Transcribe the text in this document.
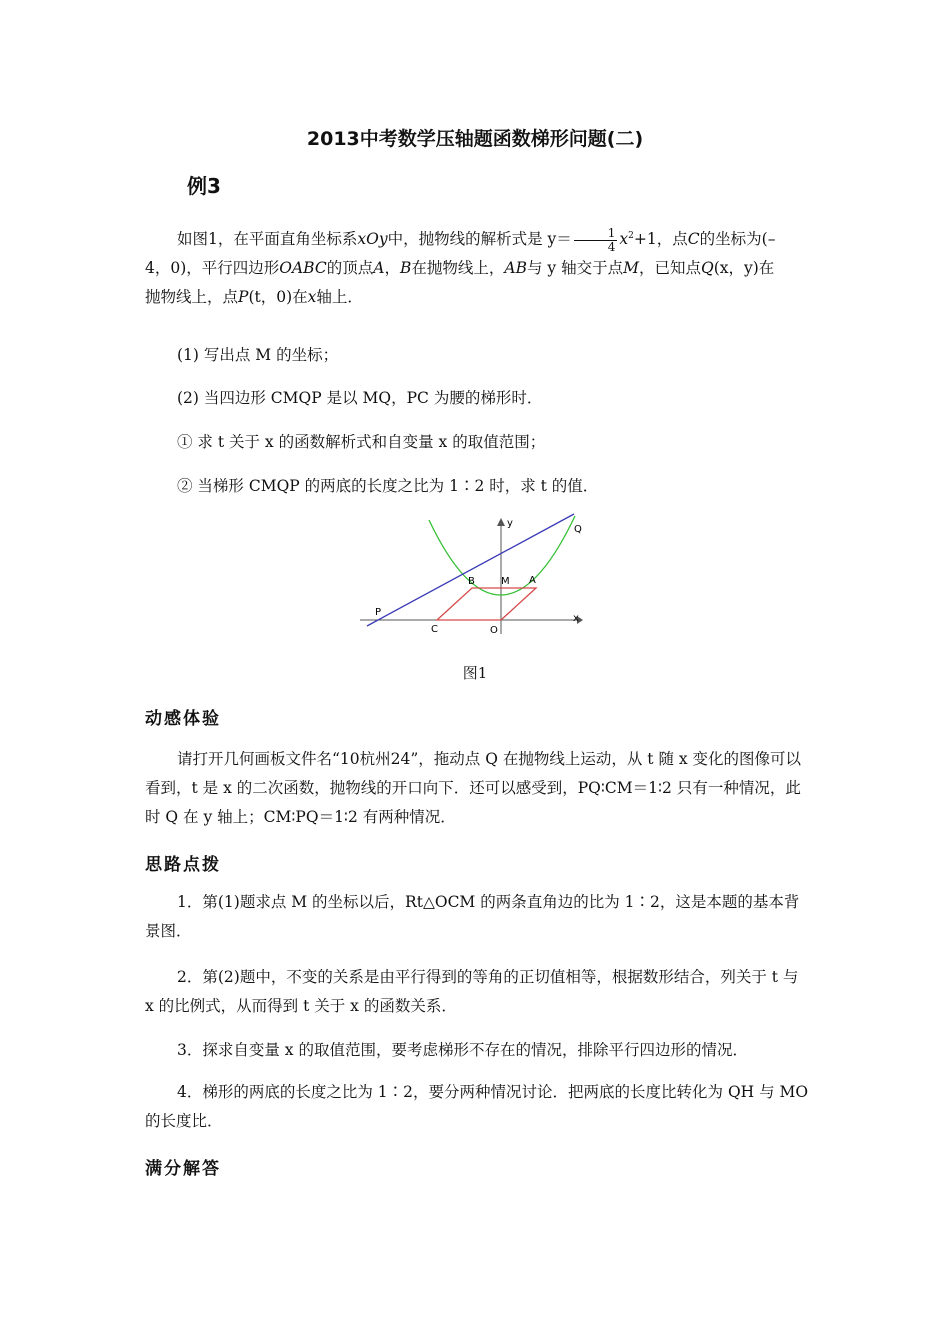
2013中考数学压轴题函数梯形问题(二)
例3

如图1，在平面直角坐标系xOy中，抛物线的解析式是 $y= \frac{1}{4} x^2+1$，点C的坐标为(–

4，0)，平行四边形OABC的顶点A，B在抛物线上，AB与 y 轴交于点M，已知点Q(x，y)在

抛物线上，点P(t，0)在x轴上．

(1) 写出点 M 的坐标；
(2) 当四边形 CMQP 是以 MQ，PC 为腰的梯形时．
① 求 t 关于 x 的函数解析式和自变量 x 的取值范围；
② 当梯形 CMQP 的两底的长度之比为 1∶2 时，求 t 的值．
y
x
Q
B	M A
P
C	O
图1
动感体验

请打开几何画板文件名“10杭州24”，拖动点 Q 在抛物线上运动，从 t 随 x 变化的图像可以看到，t 是 x 的二次函数，抛物线的开口向下．还可以感受到，PQ∶CM＝1∶2 只有一种情况，此时 Q 在 y 轴上；CM∶PQ＝1∶2 有两种情况．

思路点拨

1．第(1)题求点 M 的坐标以后，Rt△OCM 的两条直角边的比为 1∶2，这是本题的基本背景图．

2．第(2)题中，不变的关系是由平行得到的等角的正切值相等，根据数形结合，列关于 t 与 x 的比例式，从而得到 t 关于 x 的函数关系．

3．探求自变量 x 的取值范围，要考虑梯形不存在的情况，排除平行四边形的情况．

4．梯形的两底的长度之比为 1∶2，要分两种情况讨论．把两底的长度比转化为 QH 与 MO 的长度比．

满分解答
